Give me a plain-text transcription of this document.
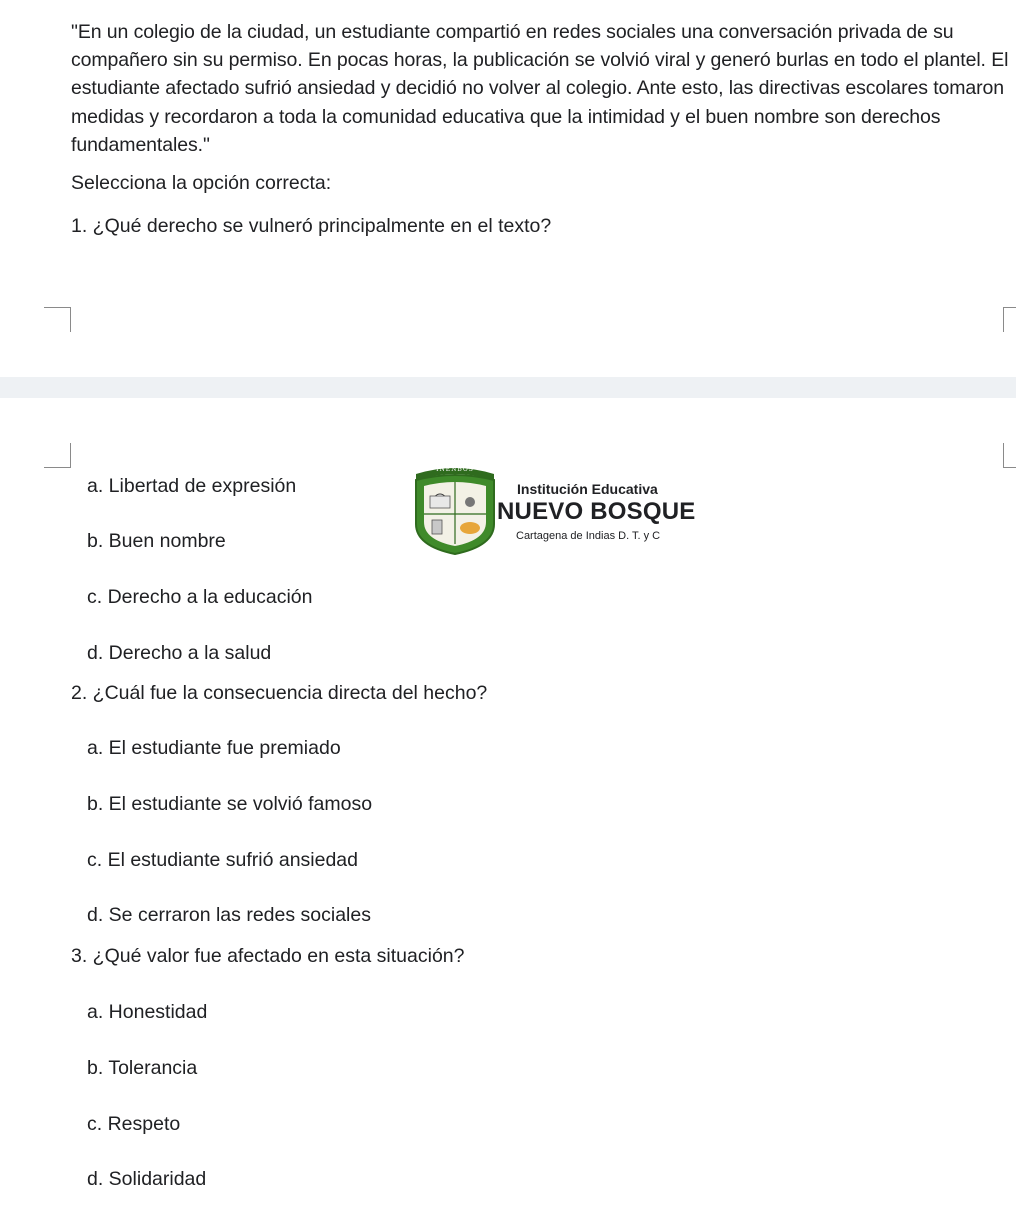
"En un colegio de la ciudad, un estudiante compartió en redes sociales una conversación privada de su compañero sin su permiso. En pocas horas, la publicación se volvió viral y generó burlas en todo el plantel. El estudiante afectado sufrió ansiedad y decidió no volver al colegio. Ante esto, las directivas escolares tomaron medidas y recordaron a toda la comunidad educativa que la intimidad y el buen nombre son derechos fundamentales."

Selecciona la opción correcta:
1. ¿Qué derecho se vulneró principalmente en el texto?
a. Libertad de expresión
b. Buen nombre
c. Derecho a la educación
d. Derecho a la salud
INENBOS
Institución Educativa
NUEVO BOSQUE
Cartagena de Indias D. T. y C
2. ¿Cuál fue la consecuencia directa del hecho?
a. El estudiante fue premiado
b. El estudiante se volvió famoso
c. El estudiante sufrió ansiedad
d. Se cerraron las redes sociales
3. ¿Qué valor fue afectado en esta situación?
a. Honestidad
b. Tolerancia
c. Respeto
d. Solidaridad
